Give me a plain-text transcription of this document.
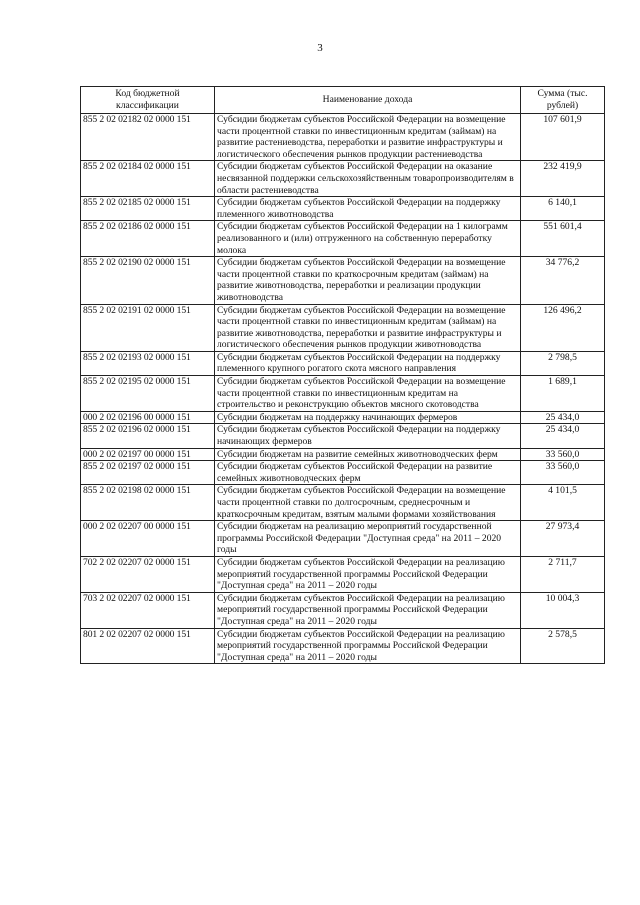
3
Код бюджетной классификации	Наименование дохода	Сумма (тыс. рублей)
855 2 02 02182 02 0000 151	Субсидии бюджетам субъектов Российской Федерации на возмещение части процентной ставки по инвестиционным кредитам (займам) на развитие растениеводства, переработки и развитие инфраструктуры и логистического обеспечения рынков продукции растениеводства	107 601,9
855 2 02 02184 02 0000 151	Субсидии бюджетам субъектов Российской Федерации на оказание несвязанной поддержки сельскохозяйственным товаропроизводителям в области растениеводства	232 419,9
855 2 02 02185 02 0000 151	Субсидии бюджетам субъектов Российской Федерации на поддержку племенного животноводства	6 140,1
855 2 02 02186 02 0000 151	Субсидии бюджетам субъектов Российской Федерации на 1 килограмм реализованного и (или) отгруженного на собственную переработку молока	551 601,4
855 2 02 02190 02 0000 151	Субсидии бюджетам субъектов Российской Федерации на возмещение части процентной ставки по краткосрочным кредитам (займам) на развитие животноводства, переработки и реализации продукции животноводства	34 776,2
855 2 02 02191 02 0000 151	Субсидии бюджетам субъектов Российской Федерации на возмещение части процентной ставки по инвестиционным кредитам (займам) на развитие животноводства, переработки и развитие инфраструктуры и логистического обеспечения рынков продукции животноводства	126 496,2
855 2 02 02193 02 0000 151	Субсидии бюджетам субъектов Российской Федерации на поддержку племенного крупного рогатого скота мясного направления	2 798,5
855 2 02 02195 02 0000 151	Субсидии бюджетам субъектов Российской Федерации на возмещение части процентной ставки по инвестиционным кредитам на строительство и реконструкцию объектов мясного скотоводства	1 689,1
000 2 02 02196 00 0000 151	Субсидии бюджетам на поддержку начинающих фермеров	25 434,0
855 2 02 02196 02 0000 151	Субсидии бюджетам субъектов Российской Федерации на поддержку начинающих фермеров	25 434,0
000 2 02 02197 00 0000 151	Субсидии бюджетам на развитие семейных животноводческих ферм	33 560,0
855 2 02 02197 02 0000 151	Субсидии бюджетам субъектов Российской Федерации на развитие семейных животноводческих ферм	33 560,0
855 2 02 02198 02 0000 151	Субсидии бюджетам субъектов Российской Федерации на возмещение части процентной ставки по долгосрочным, среднесрочным и краткосрочным кредитам, взятым малыми формами хозяйствования	4 101,5
000 2 02 02207 00 0000 151	Субсидии бюджетам на реализацию мероприятий государственной программы Российской Федерации "Доступная среда" на 2011 – 2020 годы	27 973,4
702 2 02 02207 02 0000 151	Субсидии бюджетам субъектов Российской Федерации на реализацию мероприятий государственной программы Российской Федерации "Доступная среда" на 2011 – 2020 годы	2 711,7
703 2 02 02207 02 0000 151	Субсидии бюджетам субъектов Российской Федерации на реализацию мероприятий государственной программы Российской Федерации "Доступная среда" на 2011 – 2020 годы	10 004,3
801 2 02 02207 02 0000 151	Субсидии бюджетам субъектов Российской Федерации на реализацию мероприятий государственной программы Российской Федерации "Доступная среда" на 2011 – 2020 годы	2 578,5
